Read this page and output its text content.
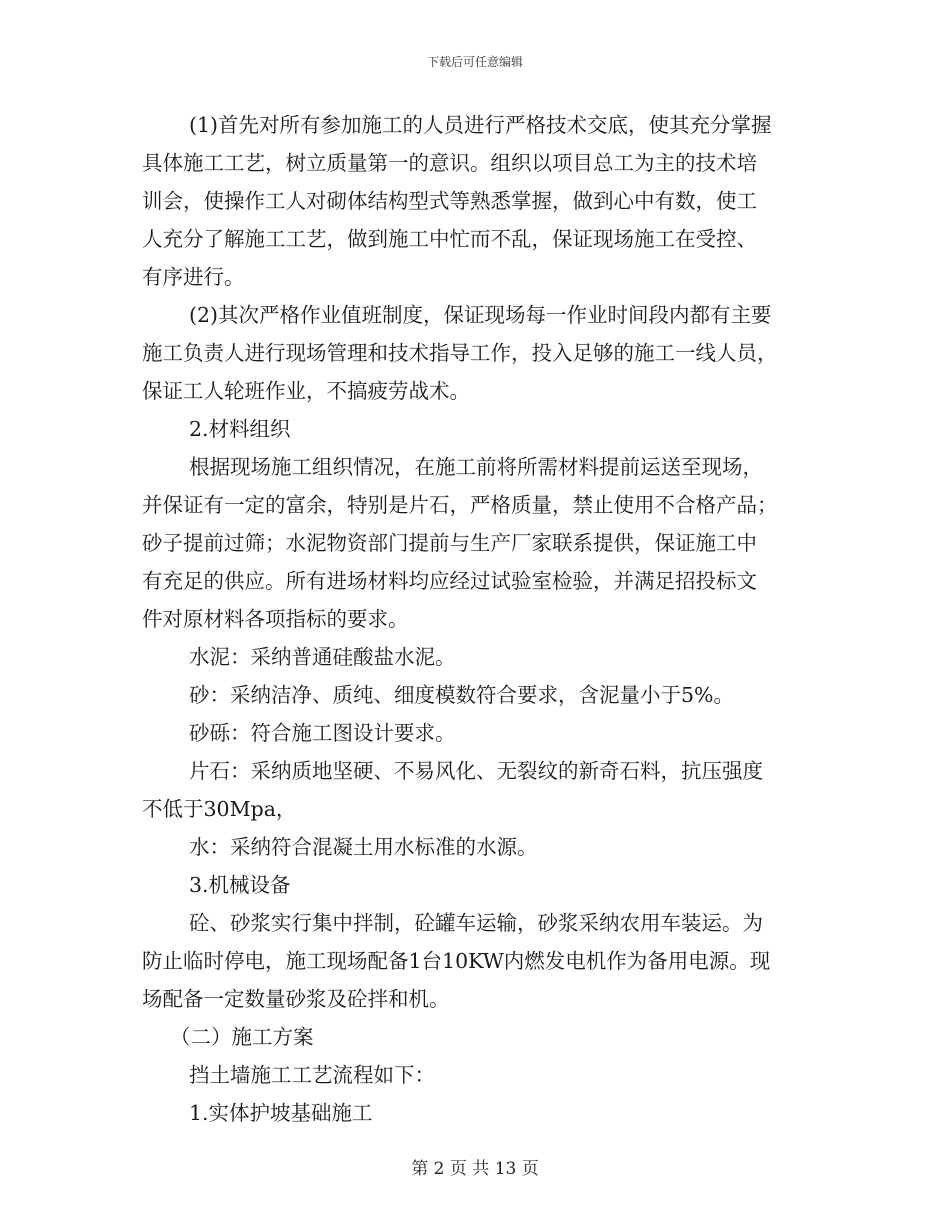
下载后可任意编辑
(1)首先对所有参加施工的人员进行严格技术交底，使其充分掌握
具体施工工艺，树立质量第一的意识。组织以项目总工为主的技术培
训会，使操作工人对砌体结构型式等熟悉掌握，做到心中有数，使工
人充分了解施工工艺，做到施工中忙而不乱，保证现场施工在受控、
有序进行。
(2)其次严格作业值班制度，保证现场每一作业时间段内都有主要
施工负责人进行现场管理和技术指导工作，投入足够的施工一线人员，
保证工人轮班作业，不搞疲劳战术。
2.材料组织
根据现场施工组织情况，在施工前将所需材料提前运送至现场，
并保证有一定的富余，特别是片石，严格质量，禁止使用不合格产品；
砂子提前过筛；水泥物资部门提前与生产厂家联系提供，保证施工中
有充足的供应。所有进场材料均应经过试验室检验，并满足招投标文
件对原材料各项指标的要求。
水泥：采纳普通硅酸盐水泥。
砂：采纳洁净、质纯、细度模数符合要求，含泥量小于5%。
砂砾：符合施工图设计要求。
片石：采纳质地坚硬、不易风化、无裂纹的新奇石料，抗压强度
不低于30Mpa，
水：采纳符合混凝土用水标准的水源。
3.机械设备
砼、砂浆实行集中拌制，砼罐车运输，砂浆采纳农用车装运。为
防止临时停电，施工现场配备1台10KW内燃发电机作为备用电源。现
场配备一定数量砂浆及砼拌和机。
（二）施工方案
挡土墙施工工艺流程如下：
1.实体护坡基础施工
第 2 页 共 13 页
